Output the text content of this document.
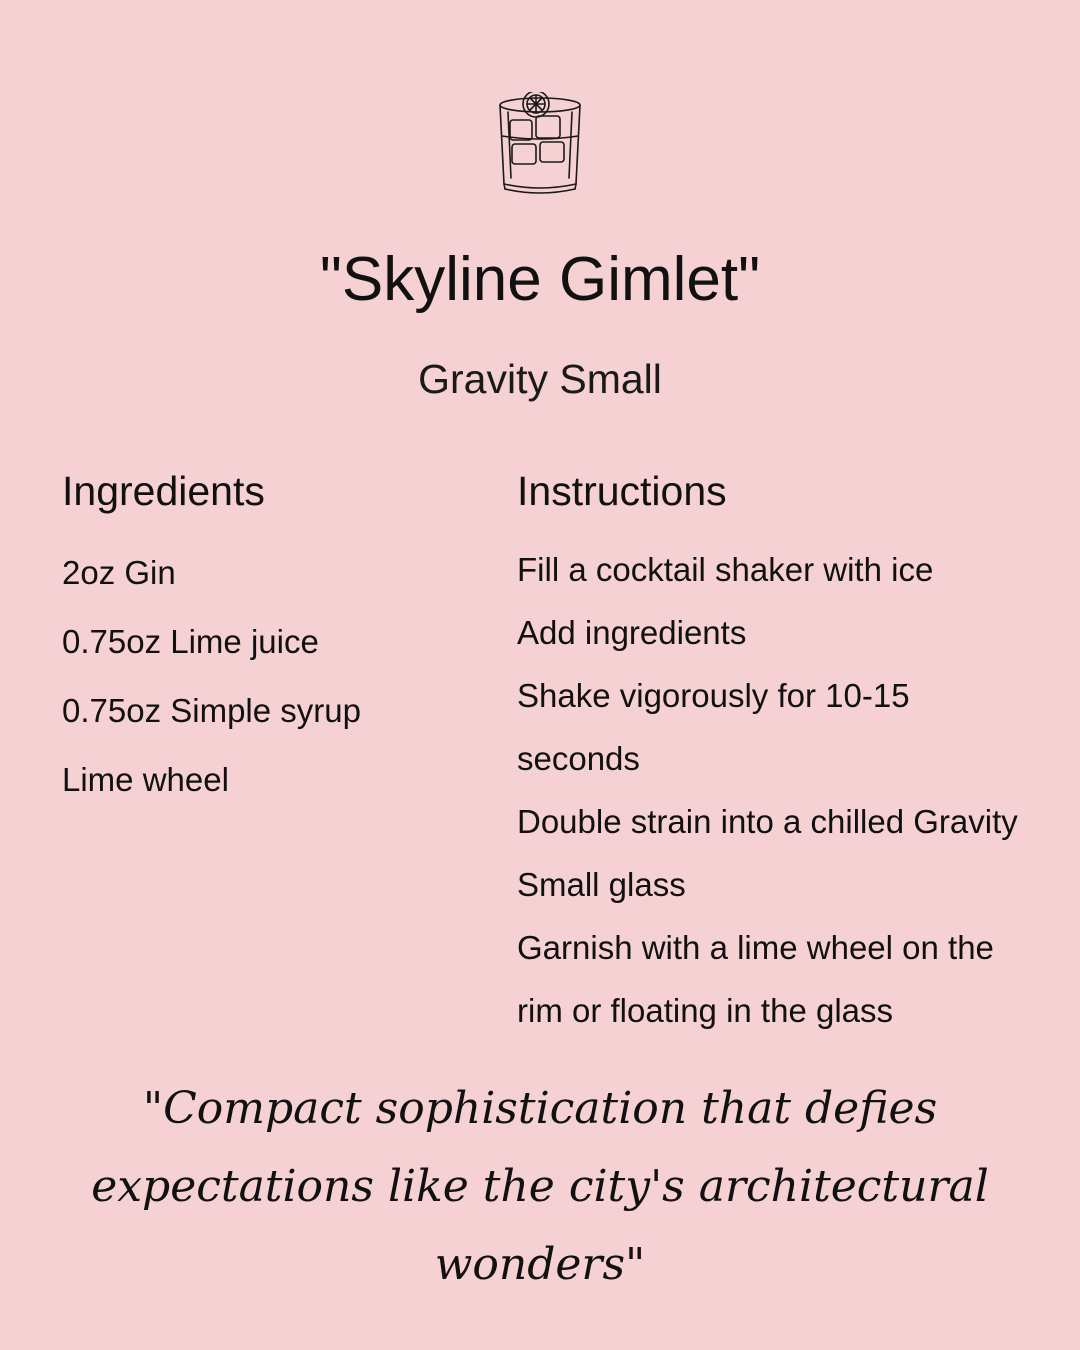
"Skyline Gimlet"
Gravity Small
Ingredients
2oz Gin
0.75oz Lime juice
0.75oz Simple syrup
Lime wheel
Instructions
Fill a cocktail shaker with ice
Add ingredients
Shake vigorously for 10-15 seconds
Double strain into a chilled Gravity Small glass
Garnish with a lime wheel on the rim or floating in the glass
"Compact sophistication that defies expectations like the city's architectural wonders"
